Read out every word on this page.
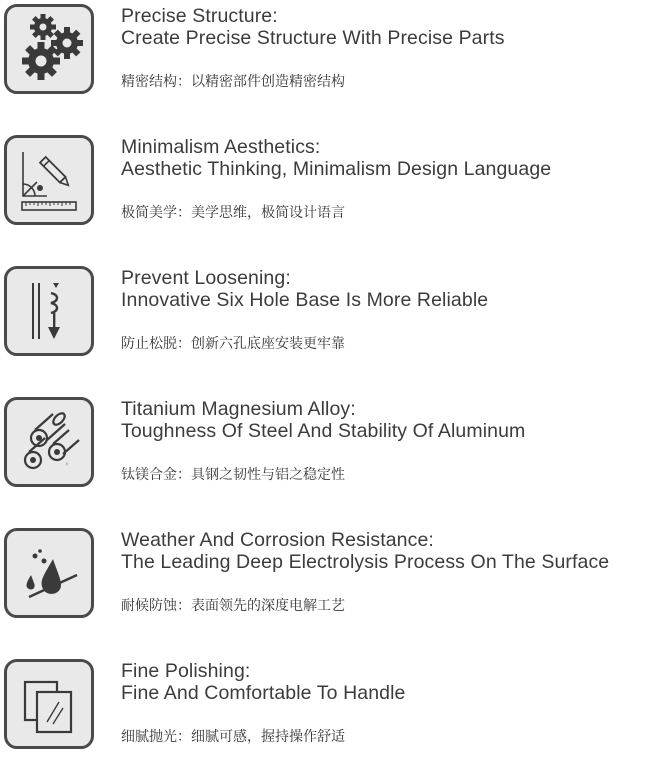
Precise Structure:
Create Precise Structure With Precise Parts
精密结构：以精密部件创造精密结构
Minimalism Aesthetics:
Aesthetic Thinking, Minimalism Design Language
极简美学：美学思维，极简设计语言
Prevent Loosening:
Innovative Six Hole Base Is More Reliable
防止松脱：创新六孔底座安装更牢靠
Titanium Magnesium Alloy:
Toughness Of Steel And Stability Of Aluminum
钛镁合金：具钢之韧性与铝之稳定性
Weather And Corrosion Resistance:
The Leading Deep Electrolysis Process On The Surface
耐候防蚀：表面领先的深度电解工艺
Fine Polishing:
Fine And Comfortable To Handle
细腻抛光：细腻可感，握持操作舒适
